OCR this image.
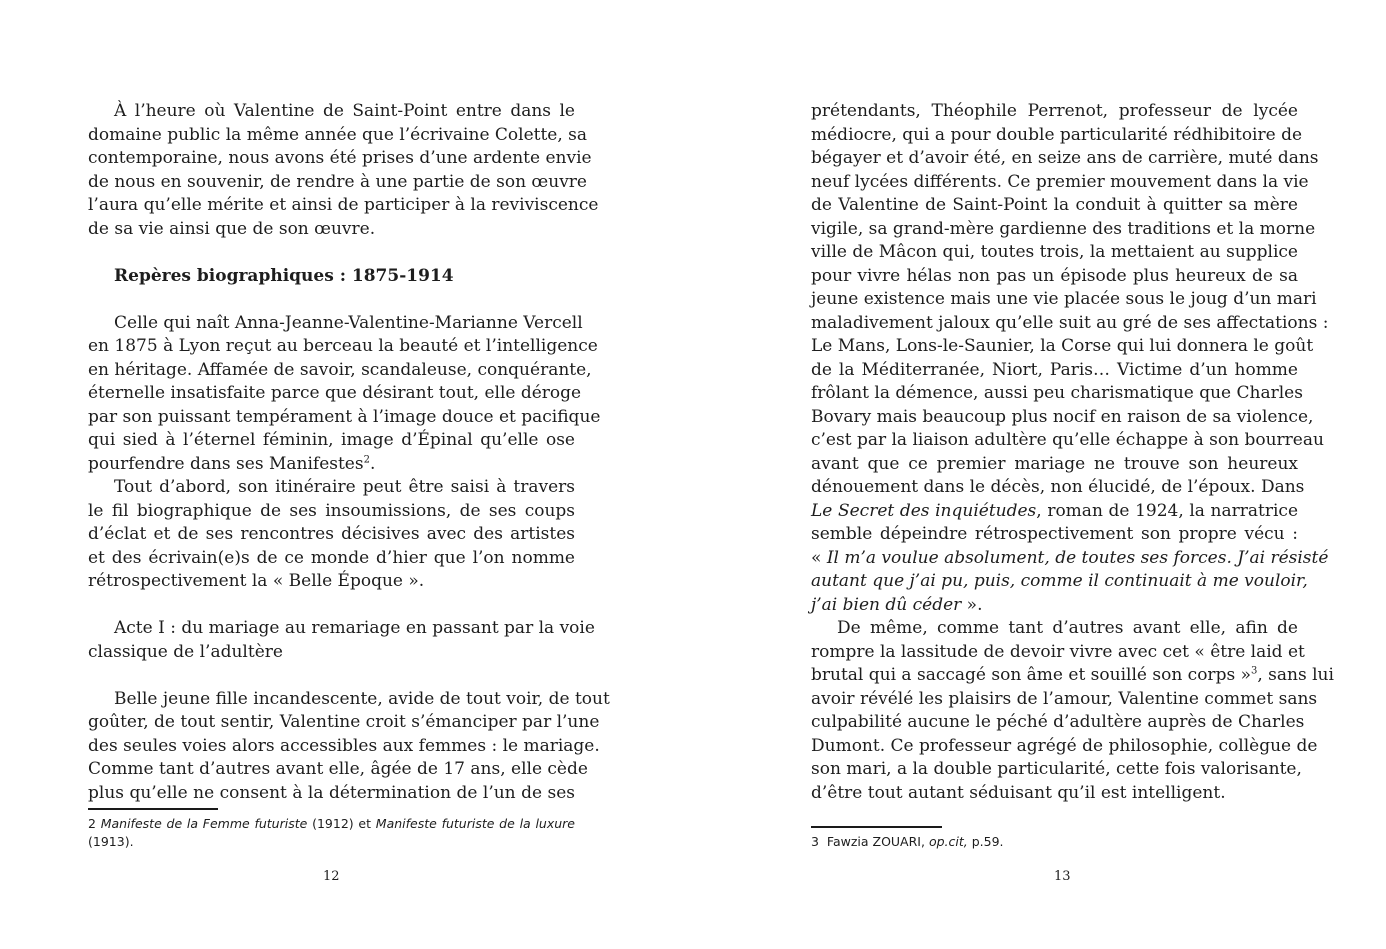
À l’heure où Valentine de Saint-Point entre dans le
domaine public la même année que l’écrivaine Colette, sa
contemporaine, nous avons été prises d’une ardente envie
de nous en souvenir, de rendre à une partie de son œuvre
l’aura qu’elle mérite et ainsi de participer à la reviviscence
de sa vie ainsi que de son œuvre.
Repères biographiques : 1875-1914
Celle qui naît Anna-Jeanne-Valentine-Marianne Vercell
en 1875 à Lyon reçut au berceau la beauté et l’intelligence
en héritage. Affamée de savoir, scandaleuse, conquérante,
éternelle insatisfaite parce que désirant tout, elle déroge
par son puissant tempérament à l’image douce et pacifique
qui sied à l’éternel féminin, image d’Épinal qu’elle ose
pourfendre dans ses Manifestes$^2$.
Tout d’abord, son itinéraire peut être saisi à travers
le fil biographique de ses insoumissions, de ses coups
d’éclat et de ses rencontres décisives avec des artistes
et des écrivain(e)s de ce monde d’hier que l’on nomme
rétrospectivement la « Belle Époque ».
Acte I : du mariage au remariage en passant par la voie
classique de l’adultère
Belle jeune fille incandescente, avide de tout voir, de tout
goûter, de tout sentir, Valentine croit s’émanciper par l’une
des seules voies alors accessibles aux femmes : le mariage.
Comme tant d’autres avant elle, âgée de 17 ans, elle cède
plus qu’elle ne consent à la détermination de l’un de ses
2 Manifeste de la Femme futuriste (1912) et Manifeste futuriste de la luxure (1913).
12
prétendants, Théophile Perrenot, professeur de lycée
médiocre, qui a pour double particularité rédhibitoire de
bégayer et d’avoir été, en seize ans de carrière, muté dans
neuf lycées différents. Ce premier mouvement dans la vie
de Valentine de Saint-Point la conduit à quitter sa mère
vigile, sa grand-mère gardienne des traditions et la morne
ville de Mâcon qui, toutes trois, la mettaient au supplice
pour vivre hélas non pas un épisode plus heureux de sa
jeune existence mais une vie placée sous le joug d’un mari
maladivement jaloux qu’elle suit au gré de ses affectations :
Le Mans, Lons-le-Saunier, la Corse qui lui donnera le goût
de la Méditerranée, Niort, Paris… Victime d’un homme
frôlant la démence, aussi peu charismatique que Charles
Bovary mais beaucoup plus nocif en raison de sa violence,
c’est par la liaison adultère qu’elle échappe à son bourreau
avant que ce premier mariage ne trouve son heureux
dénouement dans le décès, non élucidé, de l’époux. Dans
Le Secret des inquiétudes, roman de 1924, la narratrice
semble dépeindre rétrospectivement son propre vécu :
« Il m’a voulue absolument, de toutes ses forces. J’ai résisté
autant que j’ai pu, puis, comme il continuait à me vouloir,
j’ai bien dû céder ».
De même, comme tant d’autres avant elle, afin de
rompre la lassitude de devoir vivre avec cet « être laid et
brutal qui a saccagé son âme et souillé son corps »$^3$, sans lui
avoir révélé les plaisirs de l’amour, Valentine commet sans
culpabilité aucune le péché d’adultère auprès de Charles
Dumont. Ce professeur agrégé de philosophie, collègue de
son mari, a la double particularité, cette fois valorisante,
d’être tout autant séduisant qu’il est intelligent.
3 Fawzia ZOUARI, op.cit, p.59.
13
